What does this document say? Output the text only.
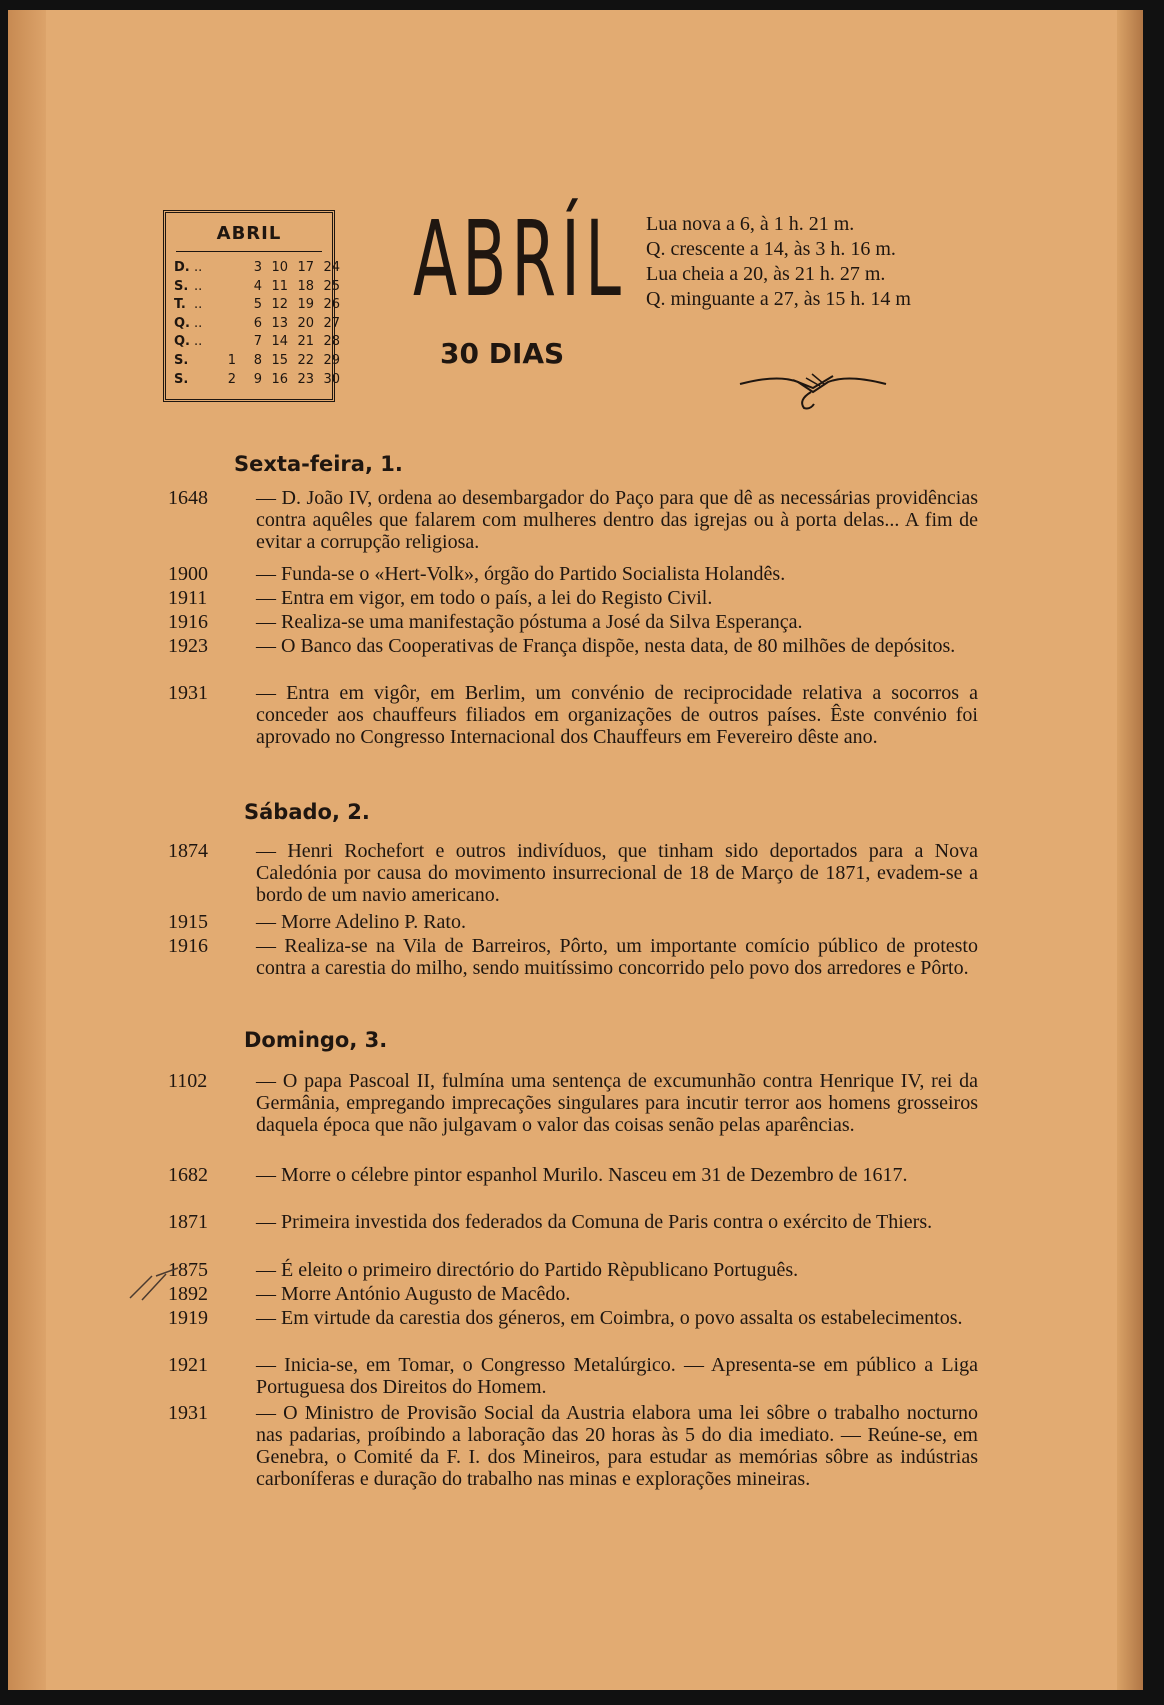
ABRIL
D. ..	3 10 17 24
S. ..	4 11 18 25
T. ..	5 12 19 26
Q. ..	6 13 20 27
Q. ..	7 14 21 28
S.	1	8 15 22 29
S.	2	9 16 23 30
ABRÍL
30 DIAS
Lua nova a 6, à 1 h. 21 m.
Q. crescente a 14, às 3 h. 16 m.
Lua cheia a 20, às 21 h. 27 m.
Q. minguante a 27, às 15 h. 14 m
Sexta-feira, 1.
1648 — D. João IV, ordena ao desembargador do Paço para que dê as necessárias providências contra aquêles que falarem com mulheres dentro das igrejas ou à porta delas... A fim de evitar a corrupção religiosa.
1900 — Funda-se o «Hert-Volk», órgão do Partido Socialista Holandês.
1911 — Entra em vigor, em todo o país, a lei do Registo Civil.
1916 — Realiza-se uma manifestação póstuma a José da Silva Esperança.
1923 — O Banco das Cooperativas de França dispõe, nesta data, de 80 milhões de depósitos.
1931 — Entra em vigôr, em Berlim, um convénio de reciprocidade relativa a socorros a conceder aos chauffeurs filiados em organizações de outros países. Êste convénio foi aprovado no Congresso Internacional dos Chauffeurs em Fevereiro dêste ano.
Sábado, 2.
1874 — Henri Rochefort e outros indivíduos, que tinham sido deportados para a Nova Caledónia por causa do movimento insurrecional de 18 de Março de 1871, evadem-se a bordo de um navio americano.
1915 — Morre Adelino P. Rato.
1916 — Realiza-se na Vila de Barreiros, Pôrto, um importante comício público de protesto contra a carestia do milho, sendo muitíssimo concorrido pelo povo dos arredores e Pôrto.
Domingo, 3.
1102 — O papa Pascoal II, fulmína uma sentença de excumunhão contra Henrique IV, rei da Germânia, empregando imprecações singulares para incutir terror aos homens grosseiros daquela época que não julgavam o valor das coisas senão pelas aparências.
1682 — Morre o célebre pintor espanhol Murilo. Nasceu em 31 de Dezembro de 1617.
1871 — Primeira investida dos federados da Comuna de Paris contra o exército de Thiers.
1875 — É eleito o primeiro directório do Partido Rèpublicano Português.
1892 — Morre António Augusto de Macêdo.
1919 — Em virtude da carestia dos géneros, em Coimbra, o povo assalta os estabelecimentos.
1921 — Inicia-se, em Tomar, o Congresso Metalúrgico. — Apresenta-se em público a Liga Portuguesa dos Direitos do Homem.
1931 — O Ministro de Provisão Social da Austria elabora uma lei sôbre o trabalho nocturno nas padarias, proíbindo a laboração das 20 horas às 5 do dia imediato. — Reúne-se, em Genebra, o Comité da F. I. dos Mineiros, para estudar as memórias sôbre as indústrias carboníferas e duração do trabalho nas minas e explorações mineiras.
